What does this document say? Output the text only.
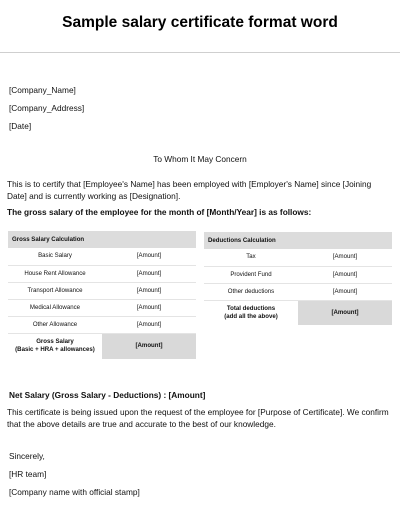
Sample salary certificate format word
[Company_Name]
[Company_Address]
[Date]
To Whom It May Concern
This is to certify that [Employee's Name] has been employed with [Employer's Name] since [Joining Date] and is currently working as [Designation].
The gross salary of the employee for the month of [Month/Year] is as follows:
Gross Salary Calculation	
Basic Salary	[Amount]
House Rent Allowance	[Amount]
Transport Allowance	[Amount]
Medical Allowance	[Amount]
Other Allowance	[Amount]

Gross Salary
(Basic + HRA + allowances)	[Amount]
Deductions Calculation	
Tax	[Amount]
Provident Fund	[Amount]
Other deductions	[Amount]

Total deductions
(add all the above)	[Amount]
Net Salary (Gross Salary - Deductions) : [Amount]
This certificate is being issued upon the request of the employee for [Purpose of Certificate]. We confirm that the above details are true and accurate to the best of our knowledge.
Sincerely,
[HR team]
[Company name with official stamp]
